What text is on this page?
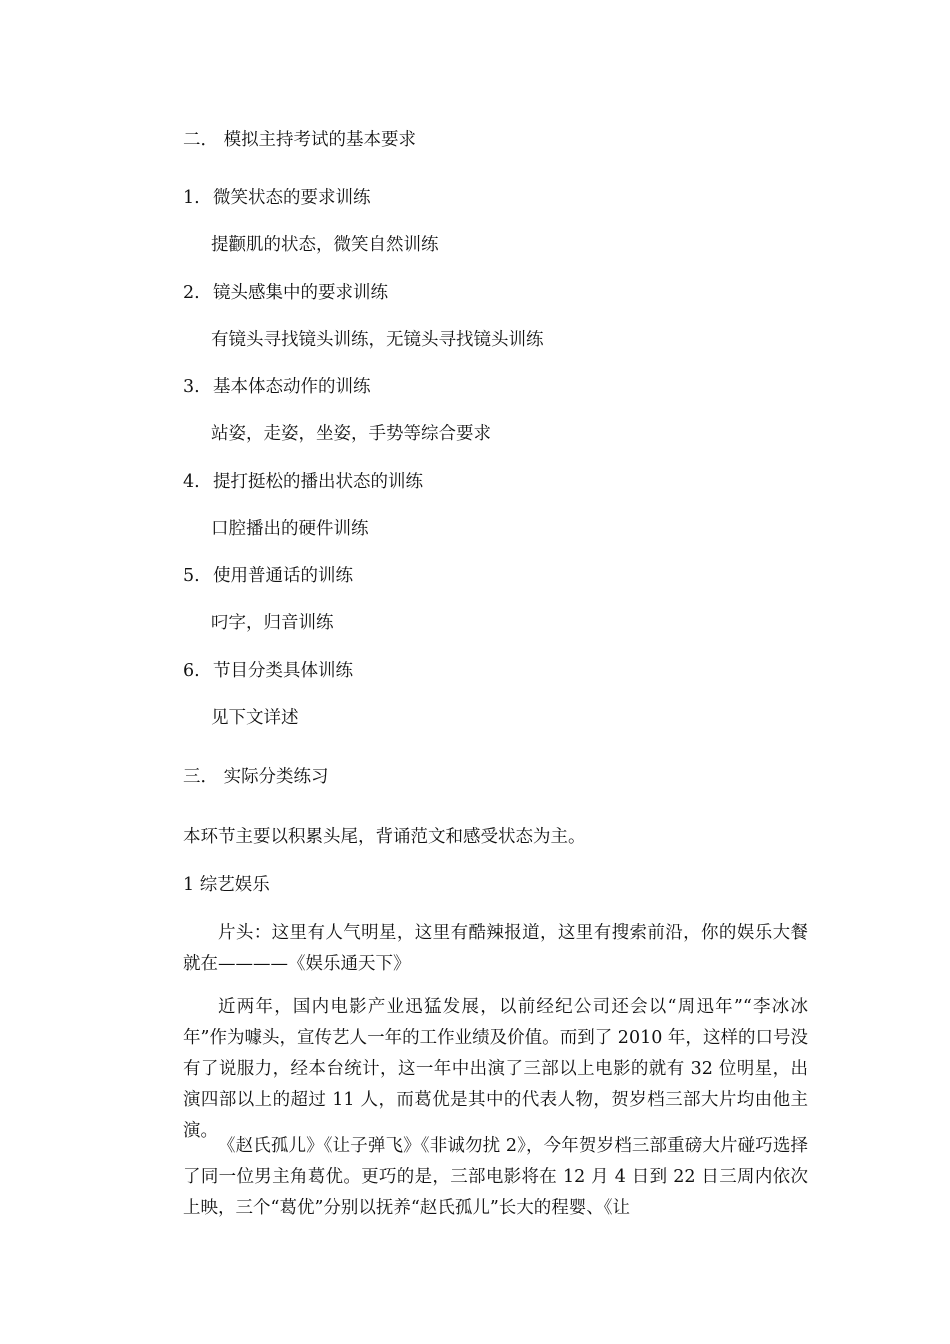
二． 模拟主持考试的基本要求
1. 微笑状态的要求训练
提颧肌的状态，微笑自然训练
2. 镜头感集中的要求训练
有镜头寻找镜头训练，无镜头寻找镜头训练
3. 基本体态动作的训练
站姿，走姿，坐姿，手势等综合要求
4. 提打挺松的播出状态的训练
口腔播出的硬件训练
5. 使用普通话的训练
叼字，归音训练
6. 节目分类具体训练
见下文详述
三． 实际分类练习
本环节主要以积累头尾，背诵范文和感受状态为主。
1 综艺娱乐
片头：这里有人气明星，这里有酷辣报道，这里有搜索前沿，你的娱乐大餐就在————《娱乐通天下》
近两年，国内电影产业迅猛发展，以前经纪公司还会以“周迅年”“李冰冰年”作为噱头，宣传艺人一年的工作业绩及价值。而到了 2010 年，这样的口号没有了说服力，经本台统计，这一年中出演了三部以上电影的就有 32 位明星，出演四部以上的超过 11 人，而葛优是其中的代表人物，贺岁档三部大片均由他主演。
《赵氏孤儿》《让子弹飞》《非诚勿扰 2》，今年贺岁档三部重磅大片碰巧选择了同一位男主角葛优。更巧的是，三部电影将在 12 月 4 日到 22 日三周内依次上映，三个“葛优”分别以抚养“赵氏孤儿”长大的程婴、《让
